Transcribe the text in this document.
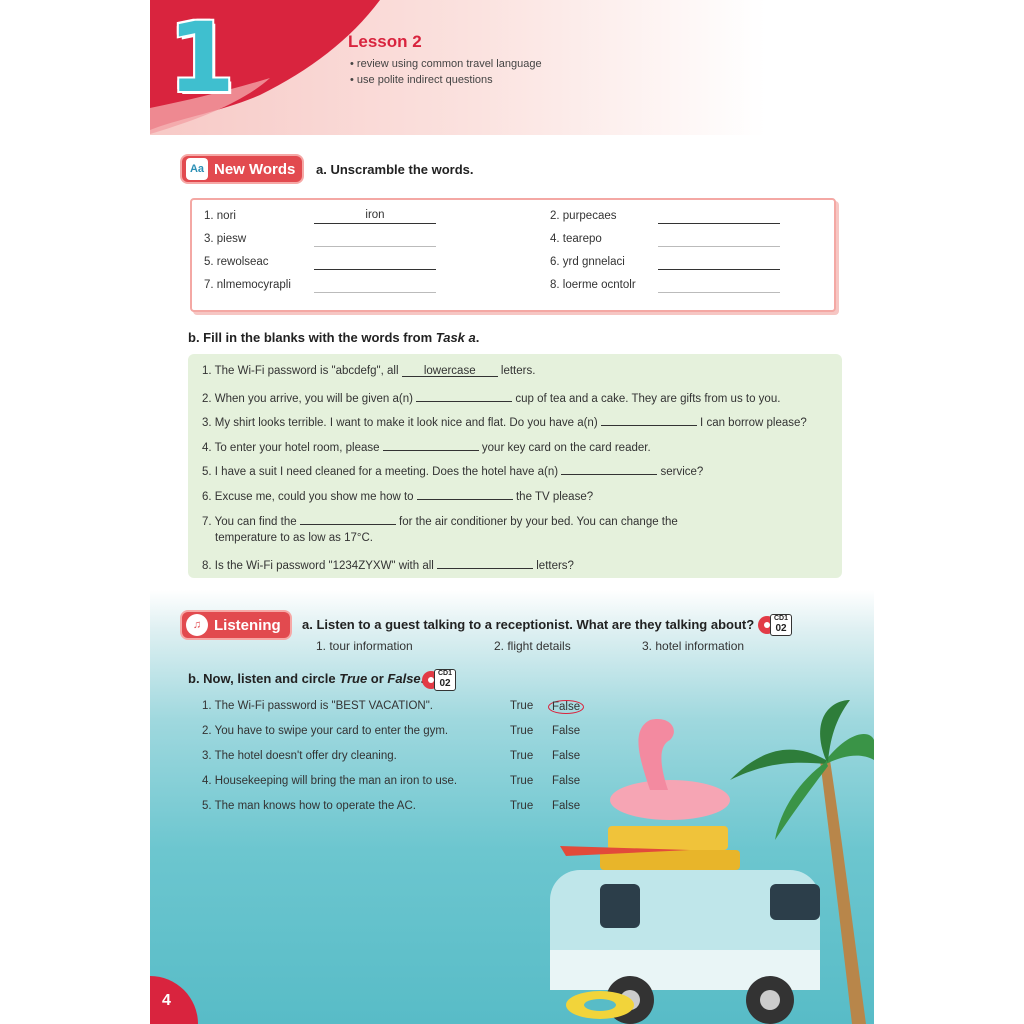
1	Lesson 2
• review using common travel language
• use polite indirect questions
Aa New Words a. Unscramble the words.
1. nori	iron	2. purpecaes
3. piesw	4. tearepo
5. rewolseac	6. yrd gnnelaci
7. nlmemocyrapli	8. loerme ocntolr
b. Fill in the blanks with the words from Task a.
1. The Wi-Fi password is "abcdefg", all lowercase letters.
2. When you arrive, you will be given a(n)	cup of tea and a cake. They are gifts from us to you.
3. My shirt looks terrible. I want to make it look nice and flat. Do you have a(n)	I can borrow please?
4. To enter your hotel room, please	your key card on the card reader.
5. I have a suit I need cleaned for a meeting. Does the hotel have a(n)	service?
6. Excuse me, could you show me how to	the TV please?
7. You can find the	for the air conditioner by your bed. You can change the
temperature to as low as 17°C.
8. Is the Wi-Fi password "1234ZYXW" with all	letters?
♫ Listening a. Listen to a guest talking to a receptionist. What are they talking about?	CD1
02
1. tour information	2. flight details	3. hotel information
b. Now, listen and circle True or False	CD1
02
1. The Wi-Fi password is "BEST VACATION".	True	False
2. You have to swipe your card to enter the gym.	True False
3. The hotel doesn't offer dry cleaning.	True False
4. Housekeeping will bring the man an iron to use.	True False
5. The man knows how to operate the AC.	True False
4
